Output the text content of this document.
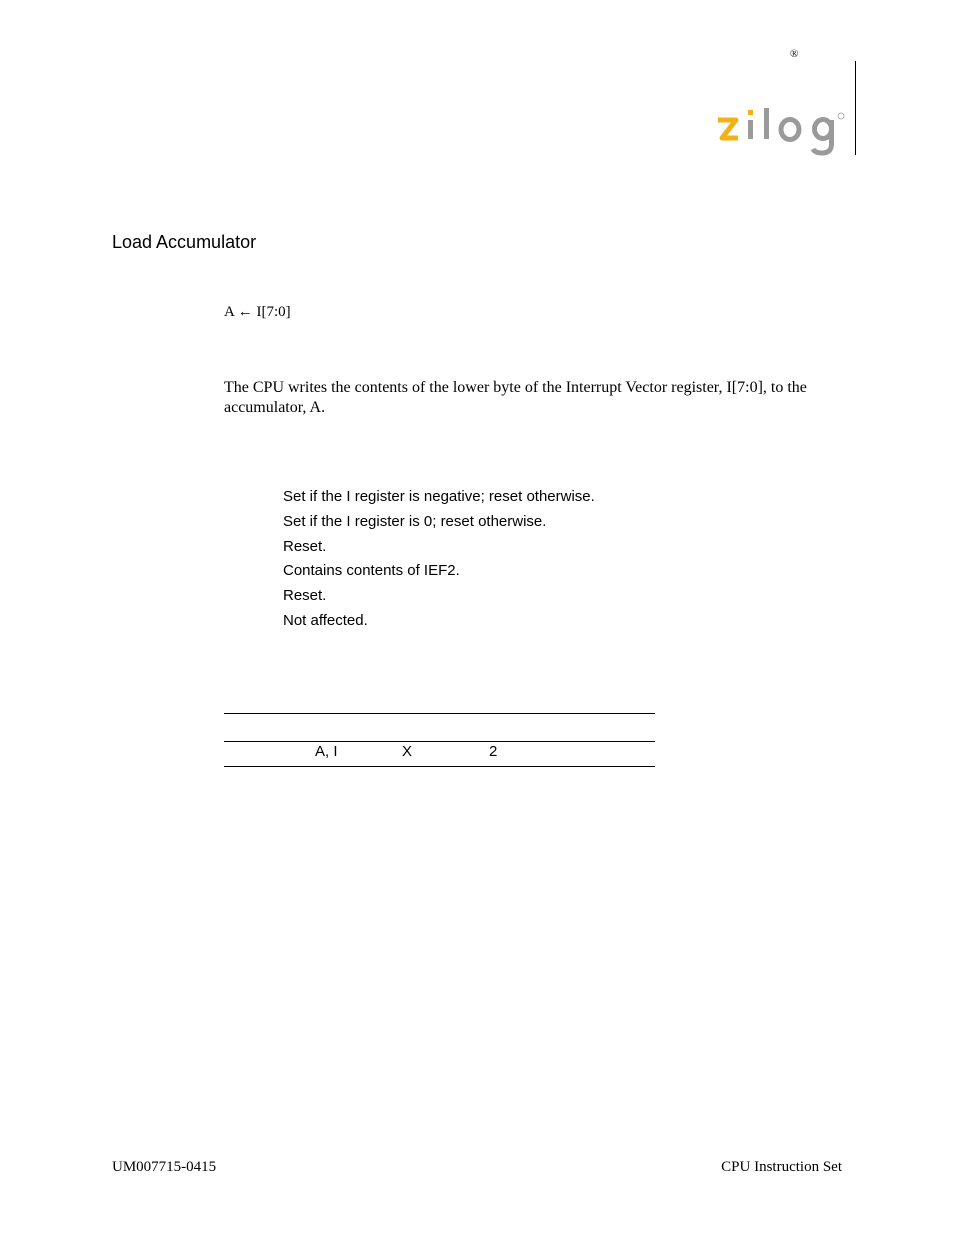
®
Load Accumulator
A ← I[7:0]
The CPU writes the contents of the lower byte of the Interrupt Vector register, I[7:0], to the accumulator, A.
Set if the I register is negative; reset otherwise.
Set if the I register is 0; reset otherwise.
Reset.
Contains contents of IEF2.
Reset.
Not affected.
A, I	X	2
UM007715-0415	CPU Instruction Set
